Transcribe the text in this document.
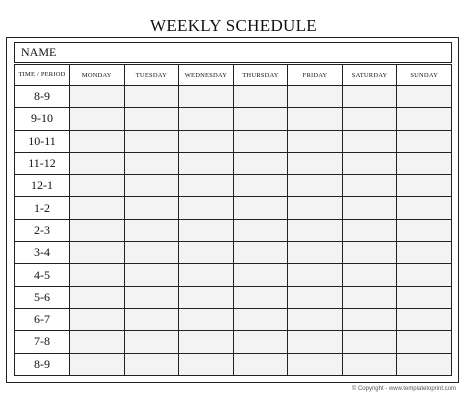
WEEKLY SCHEDULE
NAME
TIME / PERIOD	MONDAY	TUESDAY	WEDNESDAY	THURSDAY	FRIDAY	SATURDAY	SUNDAY
8-9							
9-10							
10-11							
11-12							
12-1							
1-2							
2-3							
3-4							
4-5							
5-6							
6-7							
7-8							
8-9							
© Copyright - www.templatetoprint.com
